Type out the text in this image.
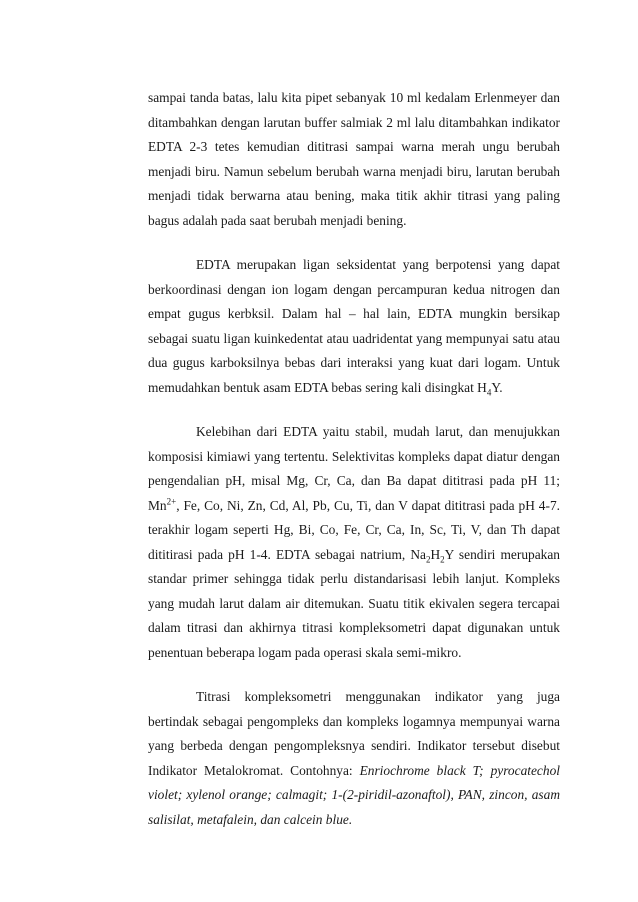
sampai tanda batas, lalu kita pipet sebanyak 10 ml kedalam Erlenmeyer dan ditambahkan dengan larutan buffer salmiak 2 ml lalu ditambahkan indikator EDTA 2-3 tetes kemudian dititrasi sampai warna merah ungu berubah menjadi biru. Namun sebelum berubah warna menjadi biru, larutan berubah menjadi tidak berwarna atau bening, maka titik akhir titrasi yang paling bagus adalah pada saat berubah menjadi bening.

EDTA merupakan ligan seksidentat yang berpotensi yang dapat berkoordinasi dengan ion logam dengan percampuran kedua nitrogen dan empat gugus kerbksil. Dalam hal – hal lain, EDTA mungkin bersikap sebagai suatu ligan kuinkedentat atau uadridentat yang mempunyai satu atau dua gugus karboksilnya bebas dari interaksi yang kuat dari logam. Untuk memudahkan bentuk asam EDTA bebas sering kali disingkat $H_4Y$.

Kelebihan dari EDTA yaitu stabil, mudah larut, dan menujukkan komposisi kimiawi yang tertentu. Selektivitas kompleks dapat diatur dengan pengendalian pH, misal Mg, Cr, Ca, dan Ba dapat dititrasi pada pH 11; $Mn^{2+}$, Fe, Co, Ni, Zn, Cd, Al, Pb, Cu, Ti, dan V dapat dititrasi pada pH 4-7. terakhir logam seperti Hg, Bi, Co, Fe, Cr, Ca, In, Sc, Ti, V, dan Th dapat dititirasi pada pH 1-4. EDTA sebagai natrium, $Na_2H_2Y$ sendiri merupakan standar primer sehingga tidak perlu distandarisasi lebih lanjut. Kompleks yang mudah larut dalam air ditemukan. Suatu titik ekivalen segera tercapai dalam titrasi dan akhirnya titrasi kompleksometri dapat digunakan untuk penentuan beberapa logam pada operasi skala semi-mikro.

Titrasi kompleksometri menggunakan indikator yang juga bertindak sebagai pengompleks dan kompleks logamnya mempunyai warna yang berbeda dengan pengompleksnya sendiri. Indikator tersebut disebut Indikator Metalokromat. Contohnya: Enriochrome black T; pyrocatechol violet; xylenol orange; calmagit; 1-(2-piridil-azonaftol), PAN, zincon, asam salisilat, metafalein, dan calcein blue.
